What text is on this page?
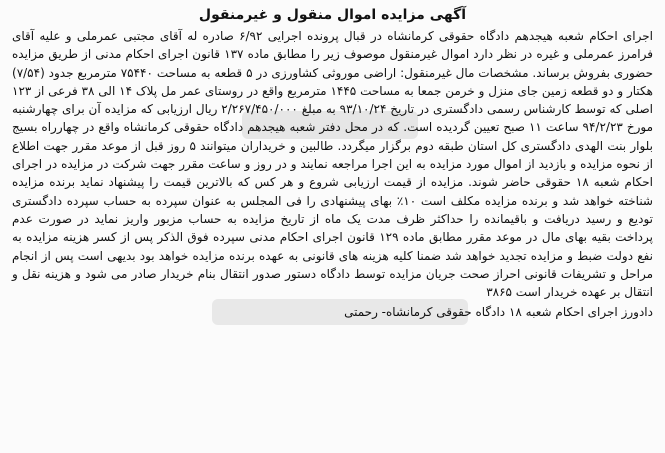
آگهی مزایده اموال منقول و غیرمنقول

اجرای احکام شعبه هیجدهم دادگاه حقوقی کرمانشاه در قبال پرونده اجرایی ۶/۹۲ صادره له آقای مجتبی عمرملی و علیه آقای فرامرز عمرملی و غیره در نظر دارد اموال غیرمنقول موصوف زیر را مطابق ماده ۱۳۷ قانون اجرای احکام مدنی از طریق مزایده حضوری بفروش برساند. مشخصات مال غیرمنقول: اراضی موروثی کشاورزی در ۵ قطعه به مساحت ۷۵۴۴۰ مترمربع جدود (۷/۵۴) هکتار و دو قطعه زمین جای منزل و خرمن جمعا به مساحت ۱۴۴۵ مترمربع واقع در روستای عمر مل پلاک ۱۴ الی ۳۸ فرعی از ۱۲۳ اصلی که توسط کارشناس رسمی دادگستری در تاریخ ۹۳/۱۰/۲۴ به مبلغ ۲/۲۶۷/۴۵۰/۰۰۰ ریال ارزیابی که مزایده آن برای چهارشنبه مورخ ۹۴/۲/۲۳ ساعت ۱۱ صبح تعیین گردیده است. که در محل دفتر شعبه هیجدهم دادگاه حقوقی کرمانشاه واقع در چهارراه بسیج بلوار بنت الهدی دادگستری کل استان طبقه دوم برگزار میگردد. طالبین و خریداران میتوانند ۵ روز قبل از موعد مقرر جهت اطلاع از نحوه مزایده و بازدید از اموال مورد مزایده به این اجرا مراجعه نمایند و در روز و ساعت مقرر جهت شرکت در مزایده در اجرای احکام شعبه ۱۸ حقوقی حاضر شوند. مزایده از قیمت ارزیابی شروع و هر کس که بالاترین قیمت را پیشنهاد نماید برنده مزایده شناخته خواهد شد و برنده مزایده مکلف است ۱۰٪ بهای پیشنهادی را فی المجلس به عنوان سپرده به حساب سپرده دادگستری تودیع و رسید دریافت و باقیمانده را حداکثر ظرف مدت یک ماه از تاریخ مزایده به حساب مزبور واریز نماید در صورت عدم پرداخت بقیه بهای مال در موعد مقرر مطابق ماده ۱۲۹ قانون اجرای احکام مدنی سپرده فوق الذکر پس از کسر هزینه مزایده به نفع دولت ضبط و مزایده تجدید خواهد شد ضمنا کلیه هزینه های قانونی به عهده برنده مزایده خواهد بود بدیهی است پس از انجام مراحل و تشریفات قانونی احراز صحت جریان مزایده توسط دادگاه دستور صدور انتقال بنام خریدار صادر می شود و هزینه نقل و انتقال بر عهده خریدار است ۳۸۶۵

دادورز اجرای احکام شعبه ۱۸ دادگاه حقوقی کرمانشاه- رحمتی
